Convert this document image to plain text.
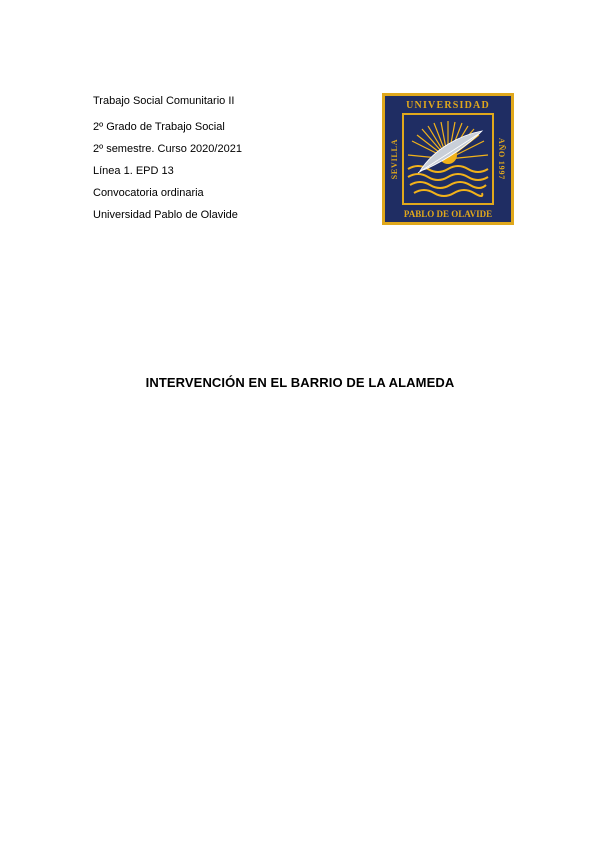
Trabajo Social Comunitario II
2º Grado de Trabajo Social
2º semestre. Curso 2020/2021
Línea 1. EPD 13
Convocatoria ordinaria
Universidad Pablo de Olavide
UNIVERSIDAD
PABLO DE OLAVIDE
SEVILLA	AÑO 1997
INTERVENCIÓN EN EL BARRIO DE LA ALAMEDA
